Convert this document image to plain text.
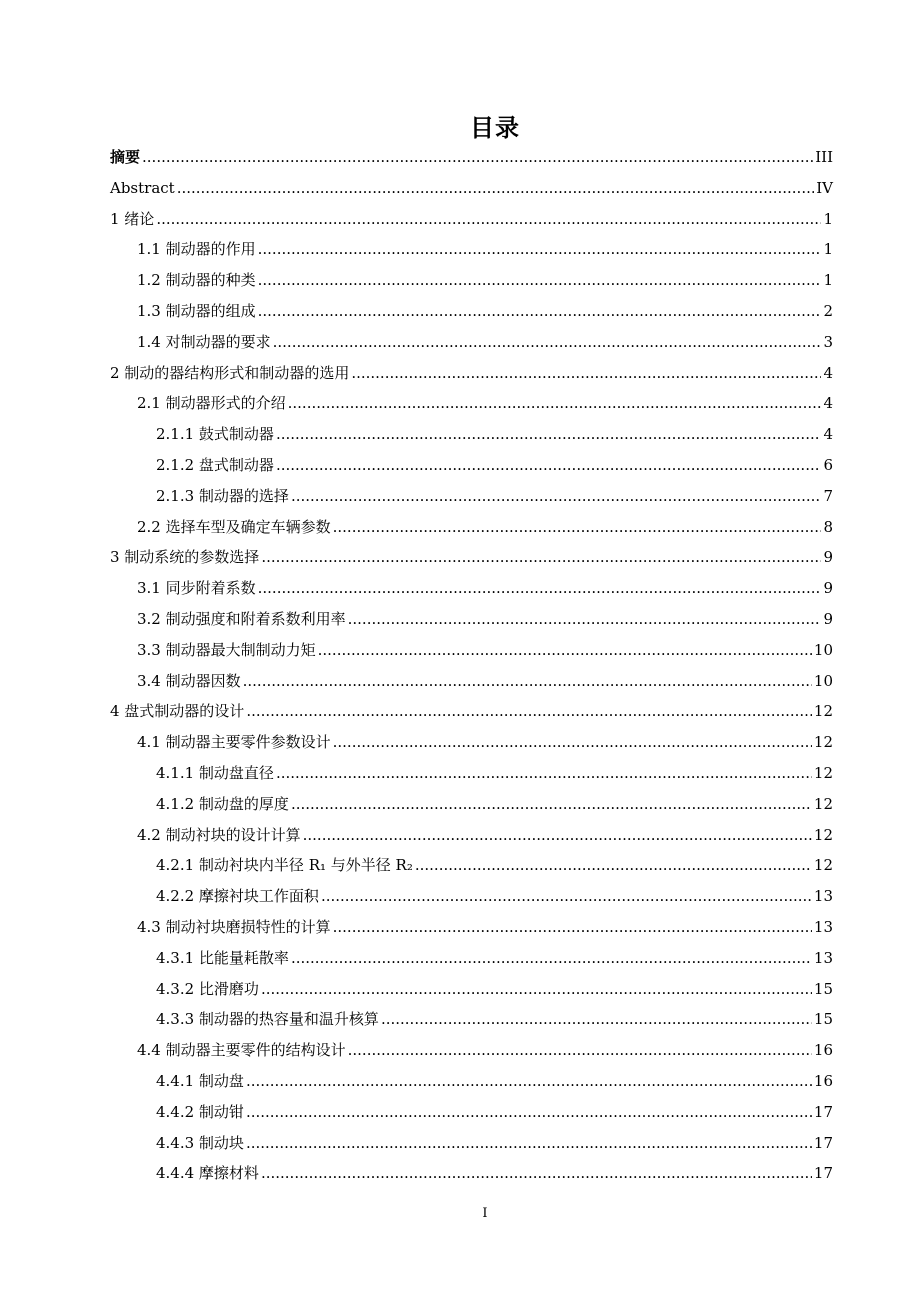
目录
摘要 .....	III
Abstract .....	IV
1 绪论 .....	1
1.1 制动器的作用 .....	1
1.2 制动器的种类 .....	1
1.3 制动器的组成 .....	2
1.4 对制动器的要求 .....	3
2 制动的器结构形式和制动器的选用 .....	4
2.1 制动器形式的介绍 .....	4
2.1.1 鼓式制动器 .....	4
2.1.2 盘式制动器 .....	6
2.1.3 制动器的选择 .....	7
2.2 选择车型及确定车辆参数 .....	8
3 制动系统的参数选择 .....	9
3.1 同步附着系数 .....	9
3.2 制动强度和附着系数利用率 .....	9
3.3 制动器最大制制动力矩 .....	10
3.4 制动器因数 .....	10
4 盘式制动器的设计 .....	12
4.1 制动器主要零件参数设计 .....	12
4.1.1 制动盘直径 .....	12
4.1.2 制动盘的厚度 .....	12
4.2 制动衬块的设计计算 .....	12
4.2.1 制动衬块内半径 R₁ 与外半径 R₂ .....	12
4.2.2 摩擦衬块工作面积 .....	13
4.3 制动衬块磨损特性的计算 .....	13
4.3.1 比能量耗散率 .....	13
4.3.2 比滑磨功 .....	15
4.3.3 制动器的热容量和温升核算 .....	15
4.4 制动器主要零件的结构设计 .....	16
4.4.1 制动盘 .....	16
4.4.2 制动钳 .....	17
4.4.3 制动块 .....	17
4.4.4 摩擦材料 .....	17
I
